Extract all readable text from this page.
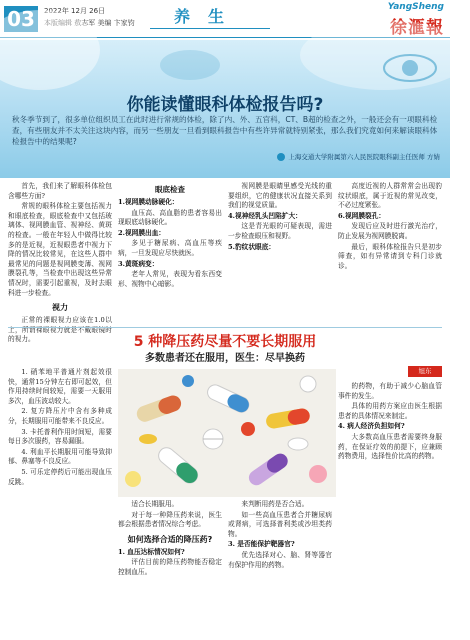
03	2022年 12月 26日
本版编辑 敖志军 美编 卞家钧	养生	YangSheng
徐滙報
你能读懂眼科体检报告吗?
秋冬季节到了，很多单位组织员工在此时进行常规的体检，除了内、外、五官科，CT、B超的检查之外，一般还会有一项眼科检查，有些朋友并不太关注这块内容，而另一些朋友一旦看到眼科报告中有些许异常就特别紧张，那么我们究竟如何来解读眼科体检报告中的结果呢?
上海交通大学附属第六人民医院眼科副主任医师 方婧

首先，我们来了解眼科体检包含哪些方面?

常规的眼科体检主要包括视力和眼底检查，眼底检查中又包括玻璃体、视网膜血管、视神经、黄斑的检查。一般在年轻人中做得比较多的是近视，近视眼患者中视力下降的情况比较常见，在这些人群中最常见的问题是视网膜变薄、视网膜裂孔等，当检查中出现这些异常情况时，需要引起重视，及时去眼科进一步检查。

视力

正常的裸眼视力应该在1.0以上，所谓裸眼视力就是不戴眼镜时的视力。

眼底检查

1.视网膜动脉硬化：

血压高、高血脂的患者容易出现眼底动脉硬化。

2.视网膜出血：

多见于糖尿病、高血压等疾病，一旦发现应尽快就医。

3.黄斑病变：

老年人常见，表现为看东西变形、视物中心暗影。

视网膜是眼睛里感受光线的重要组织，它的健康状况直接关系到我们的视觉质量。

4.视神经乳头凹陷扩大：

这是青光眼的可疑表现，需进一步检查眼压和视野。

5.豹纹状眼底：

高度近视的人群常常会出现豹纹状眼底，属于近视的常见改变，不必过度紧张。

6.视网膜裂孔：

发现后应及时进行激光治疗，防止发展为视网膜脱离。

最后，眼科体检报告只是初步筛查，如有异常请到专科门诊就诊。

5 种降压药尽量不要长期服用
多数患者还在服用，医生：尽早换药
旭东

1. 硝苯地平普通片剂起效很快，通常15分钟左右即可起效，但作用持续时间较短，需要一天服用多次，血压波动较大。

2. 复方降压片中含有多种成分，长期服用可能带来不良反应。

3. 卡托普利作用时间短，需要每日多次服药，容易漏服。

4. 利血平长期服用可能导致抑郁、鼻塞等不良反应。

5. 可乐定停药后可能出现血压反跳。

适合长期服用。

对于每一种降压药来说，医生都会根据患者情况综合考虑。

如何选择合适的降压药?

1. 血压达标情况如何?

评估目前的降压药物能否稳定控制血压。

来判断用药是否合适。

如一些高血压患者合并糖尿病或肾病，可选择普利类或沙坦类药物。

3. 是否能保护靶器官?

优先选择对心、脑、肾等器官有保护作用的药物。

的药物，有助于减少心脑血管事件的发生。

具体的用药方案应由医生根据患者的具体情况来制定。

4. 病人经济负担如何?

大多数高血压患者需要终身服药，在保证疗效的前提下，应兼顾药物费用，选择性价比高的药物。
